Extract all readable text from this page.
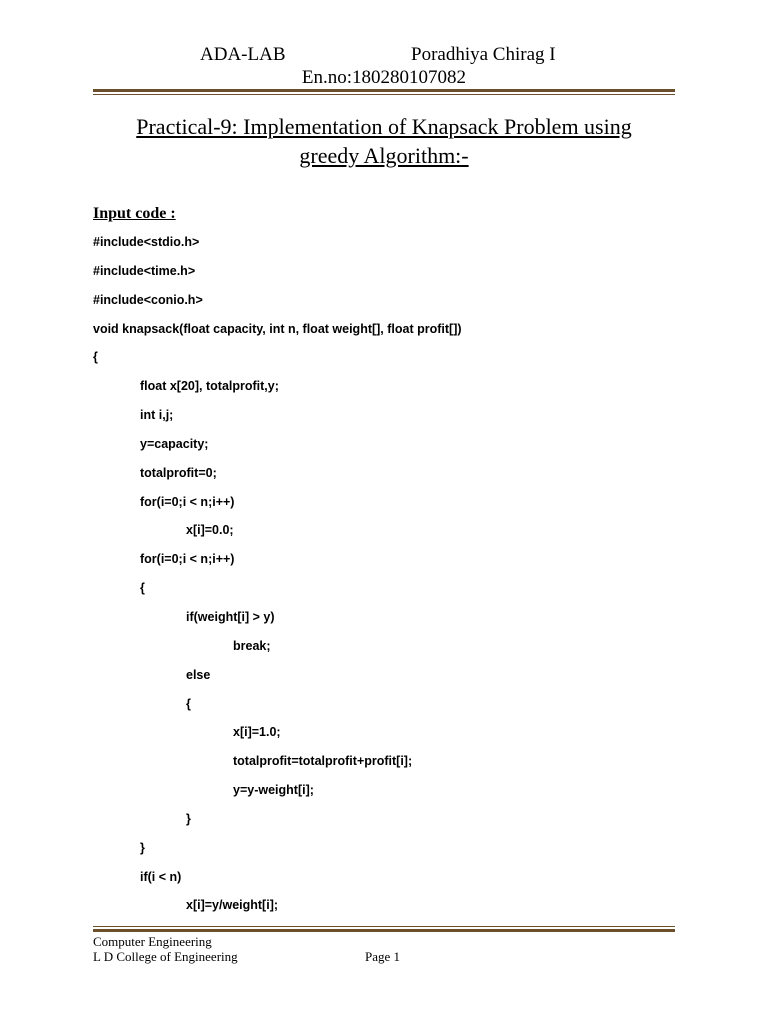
ADA-LAB	Poradhiya Chirag I
En.no:180280107082
Practical-9: Implementation of Knapsack Problem using
greedy Algorithm:-
Input code :
#include<stdio.h>
#include<time.h>
#include<conio.h>
void knapsack(float capacity, int n, float weight[], float profit[])
{
float x[20], totalprofit,y;
int i,j;
y=capacity;
totalprofit=0;
for(i=0;i < n;i++)
x[i]=0.0;
for(i=0;i < n;i++)
{
if(weight[i] > y)
break;
else
{
x[i]=1.0;
totalprofit=totalprofit+profit[i];
y=y-weight[i];
}
}
if(i < n)
x[i]=y/weight[i];
Computer Engineering
L D College of Engineering	Page 1
